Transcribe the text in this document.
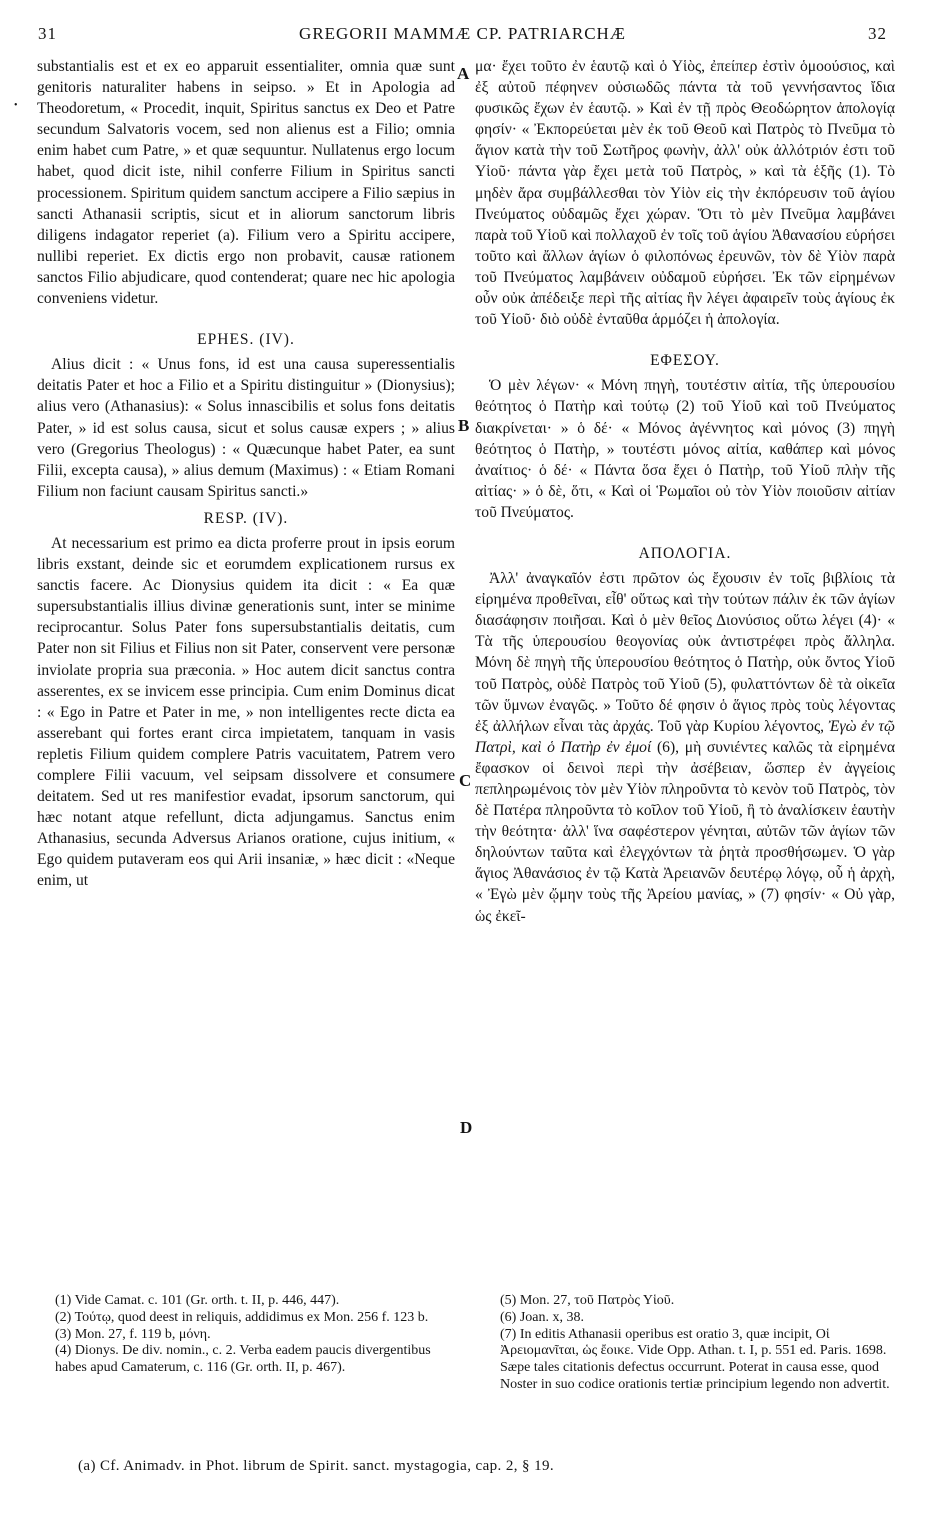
31	GREGORII MAMMÆ CP. PATRIARCHÆ	32
•
A
B
C
D

substantialis est et ex eo apparuit essentialiter, omnia quæ sunt genitoris naturaliter habens in seipso. » Et in Apologia ad Theodoretum, « Procedit, inquit, Spiritus sanctus ex Deo et Patre secundum Salvatoris vocem, sed non alienus est a Filio; omnia enim habet cum Patre, » et quæ sequuntur. Nullatenus ergo locum habet, quod dicit iste, nihil conferre Filium in Spiritus sancti processionem. Spiritum quidem sanctum accipere a Filio sæpius in sancti Athanasii scriptis, sicut et in aliorum sanctorum libris diligens indagator reperiet (a). Filium vero a Spiritu accipere, nullibi reperiet. Ex dictis ergo non probavit, causæ rationem sanctos Filio abjudicare, quod contenderat; quare nec hic apologia conveniens videtur.

EPHES. (IV).

Alius dicit : « Unus fons, id est una causa superessentialis deitatis Pater et hoc a Filio et a Spiritu distinguitur » (Dionysius); alius vero (Athanasius): « Solus innascibilis et solus fons deitatis Pater, » id est solus causa, sicut et solus causæ expers ; » alius vero (Gregorius Theologus) : « Quæcunque habet Pater, ea sunt Filii, excepta causa), » alius demum (Maximus) : « Etiam Romani Filium non faciunt causam Spiritus sancti.»

RESP. (IV).

At necessarium est primo ea dicta proferre prout in ipsis eorum libris exstant, deinde sic et eorumdem explicationem rursus ex sanctis facere. Ac Dionysius quidem ita dicit : « Ea quæ supersubstantialis illius divinæ generationis sunt, inter se minime reciprocantur. Solus Pater fons supersubstantialis deitatis, cum Pater non sit Filius et Filius non sit Pater, conservent vere personæ inviolate propria sua præconia. » Hoc autem dicit sanctus contra asserentes, ex se invicem esse principia. Cum enim Dominus dicat : « Ego in Patre et Pater in me, » non intelligentes recte dicta ea asserebant qui fortes erant circa impietatem, tanquam in vasis repletis Filium quidem complere Patris vacuitatem, Patrem vero complere Filii vacuum, vel seipsam dissolvere et consumere deitatem. Sed ut res manifestior evadat, ipsorum sanctorum, qui hæc notant atque refellunt, dicta adjungamus. Sanctus enim Athanasius, secunda Adversus Arianos oratione, cujus initium, « Ego quidem putaveram eos qui Arii insaniæ, » hæc dicit : «Neque enim, ut

μα· ἔχει τοῦτο ἐν ἑαυτῷ καὶ ὁ Υἱὸς, ἐπείπερ ἐστὶν ὁμοούσιος, καὶ ἐξ αὐτοῦ πέφηνεν οὐσιωδῶς πάντα τὰ τοῦ γεννήσαντος ἴδια φυσικῶς ἔχων ἐν ἑαυτῷ. » Καὶ ἐν τῇ πρὸς Θεοδώρητον ἀπολογίᾳ φησίν· « Ἐκπορεύεται μὲν ἐκ τοῦ Θεοῦ καὶ Πατρὸς τὸ Πνεῦμα τὸ ἅγιον κατὰ τὴν τοῦ Σωτῆρος φωνὴν, ἀλλ' οὐκ ἀλλότριόν ἐστι τοῦ Υἱοῦ· πάντα γὰρ ἔχει μετὰ τοῦ Πατρὸς, » καὶ τὰ ἑξῆς (1). Τὸ μηδὲν ἄρα συμβάλλεσθαι τὸν Υἱὸν εἰς τὴν ἐκπόρευσιν τοῦ ἁγίου Πνεύματος οὐδαμῶς ἔχει χώραν. Ὅτι τὸ μὲν Πνεῦμα λαμβάνει παρὰ τοῦ Υἱοῦ καὶ πολλαχοῦ ἐν τοῖς τοῦ ἁγίου Ἀθανασίου εὑρήσει τοῦτο καὶ ἄλλων ἁγίων ὁ φιλοπόνως ἐρευνῶν, τὸν δὲ Υἱὸν παρὰ τοῦ Πνεύματος λαμβάνειν οὐδαμοῦ εὑρήσει. Ἐκ τῶν εἰρημένων οὖν οὐκ ἀπέδειξε περὶ τῆς αἰτίας ἣν λέγει ἀφαιρεῖν τοὺς ἁγίους ἐκ τοῦ Υἱοῦ· διὸ οὐδὲ ἐνταῦθα ἁρμόζει ἡ ἀπολογία.

ΕΦΕΣΟΥ.

Ὁ μὲν λέγων· « Μόνη πηγὴ, τουτέστιν αἰτία, τῆς ὑπερουσίου θεότητος ὁ Πατὴρ καὶ τούτῳ (2) τοῦ Υἱοῦ καὶ τοῦ Πνεύματος διακρίνεται· » ὁ δέ· « Μόνος ἀγέννητος καὶ μόνος (3) πηγὴ θεότητος ὁ Πατὴρ, » τουτέστι μόνος αἰτία, καθάπερ καὶ μόνος ἀναίτιος· ὁ δέ· « Πάντα ὅσα ἔχει ὁ Πατὴρ, τοῦ Υἱοῦ πλὴν τῆς αἰτίας· » ὁ δὲ, ὅτι, « Καὶ οἱ Ῥωμαῖοι οὐ τὸν Υἱὸν ποιοῦσιν αἰτίαν τοῦ Πνεύματος.

ΑΠΟΛΟΓΙΑ.

Ἀλλ' ἀναγκαῖόν ἐστι πρῶτον ὡς ἔχουσιν ἐν τοῖς βιβλίοις τὰ εἰρημένα προθεῖναι, εἶθ' οὕτως καὶ τὴν τούτων πάλιν ἐκ τῶν ἁγίων διασάφησιν ποιῆσαι. Καὶ ὁ μὲν θεῖος Διονύσιος οὕτω λέγει (4)· « Τὰ τῆς ὑπερουσίου θεογονίας οὐκ ἀντιστρέφει πρὸς ἄλληλα. Μόνη δὲ πηγὴ τῆς ὑπερουσίου θεότητος ὁ Πατὴρ, οὐκ ὄντος Υἱοῦ τοῦ Πατρὸς, οὐδὲ Πατρὸς τοῦ Υἱοῦ (5), φυλαττόντων δὲ τὰ οἰκεῖα τῶν ὕμνων ἐναγῶς. » Τοῦτο δέ φησιν ὁ ἅγιος πρὸς τοὺς λέγοντας ἐξ ἀλλήλων εἶναι τὰς ἀρχάς. Τοῦ γὰρ Κυρίου λέγοντος, Ἐγὼ ἐν τῷ Πατρὶ, καὶ ὁ Πατὴρ ἐν ἐμοί (6), μὴ συνιέντες καλῶς τὰ εἰρημένα ἔφασκον οἱ δεινοὶ περὶ τὴν ἀσέβειαν, ὥσπερ ἐν ἀγγείοις πεπληρωμένοις τὸν μὲν Υἱὸν πληροῦντα τὸ κενὸν τοῦ Πατρὸς, τὸν δὲ Πατέρα πληροῦντα τὸ κοῖλον τοῦ Υἱοῦ, ἢ τὸ ἀναλίσκειν ἑαυτὴν τὴν θεότητα· ἀλλ' ἵνα σαφέστερον γένηται, αὐτῶν τῶν ἁγίων τῶν δηλούντων ταῦτα καὶ ἐλεγχόντων τὰ ῥητὰ προσθήσωμεν. Ὁ γὰρ ἅγιος Ἀθανάσιος ἐν τῷ Κατὰ Ἀρειανῶν δευτέρῳ λόγῳ, οὗ ἡ ἀρχὴ, « Ἐγὼ μὲν ᾤμην τοὺς τῆς Ἀρείου μανίας, » (7) φησίν· « Οὐ γὰρ, ὡς ἐκεῖ-

(1) Vide Camat. c. 101 (Gr. orth. t. II, p. 446, 447).
(2) Τούτῳ, quod deest in reliquis, addidimus ex Mon. 256 f. 123 b.
(3) Mon. 27, f. 119 b, μόνη.
(4) Dionys. De div. nomin., c. 2. Verba eadem paucis divergentibus habes apud Camaterum, c. 116 (Gr. orth. II, p. 467).
(5) Mon. 27, τοῦ Πατρὸς Υἱοῦ.
(6) Joan. x, 38.
(7) In editis Athanasii operibus est oratio 3, quæ incipit, Οἱ Ἀρειομανῖται, ὡς ἔοικε. Vide Opp. Athan. t. I, p. 551 ed. Paris. 1698. Sæpe tales citationis defectus occurrunt. Poterat in causa esse, quod Noster in suo codice orationis tertiæ principium legendo non advertit.
(a) Cf. Animadv. in Phot. librum de Spirit. sanct. mystagogia, cap. 2, § 19.
